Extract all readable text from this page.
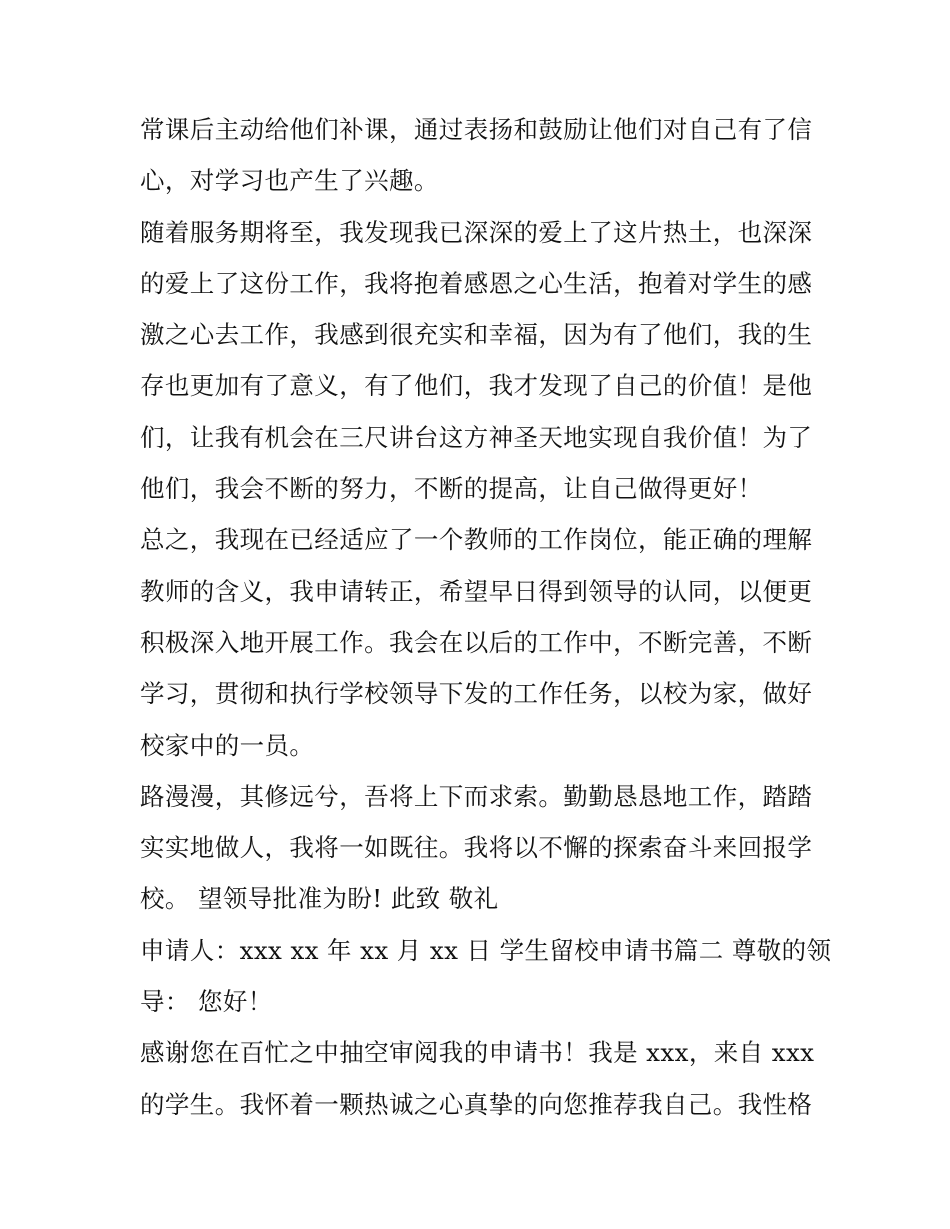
常课后主动给他们补课，通过表扬和鼓励让他们对自己有了信
心，对学习也产生了兴趣。
随着服务期将至，我发现我已深深的爱上了这片热土，也深深
的爱上了这份工作，我将抱着感恩之心生活，抱着对学生的感
激之心去工作，我感到很充实和幸福，因为有了他们，我的生
存也更加有了意义，有了他们，我才发现了自己的价值！是他
们，让我有机会在三尺讲台这方神圣天地实现自我价值！为了
他们，我会不断的努力，不断的提高，让自己做得更好！
总之，我现在已经适应了一个教师的工作岗位，能正确的理解
教师的含义，我申请转正，希望早日得到领导的认同，以便更
积极深入地开展工作。我会在以后的工作中，不断完善，不断
学习，贯彻和执行学校领导下发的工作任务，以校为家，做好
校家中的一员。
路漫漫，其修远兮，吾将上下而求索。勤勤恳恳地工作，踏踏
实实地做人，我将一如既往。我将以不懈的探索奋斗来回报学
校。 望领导批准为盼! 此致 敬礼
申请人：xxx xx 年 xx 月 xx 日 学生留校申请书篇二 尊敬的领
导： 您好！
感谢您在百忙之中抽空审阅我的申请书！我是 xxx，来自 xxx
的学生。我怀着一颗热诚之心真挚的向您推荐我自己。我性格
